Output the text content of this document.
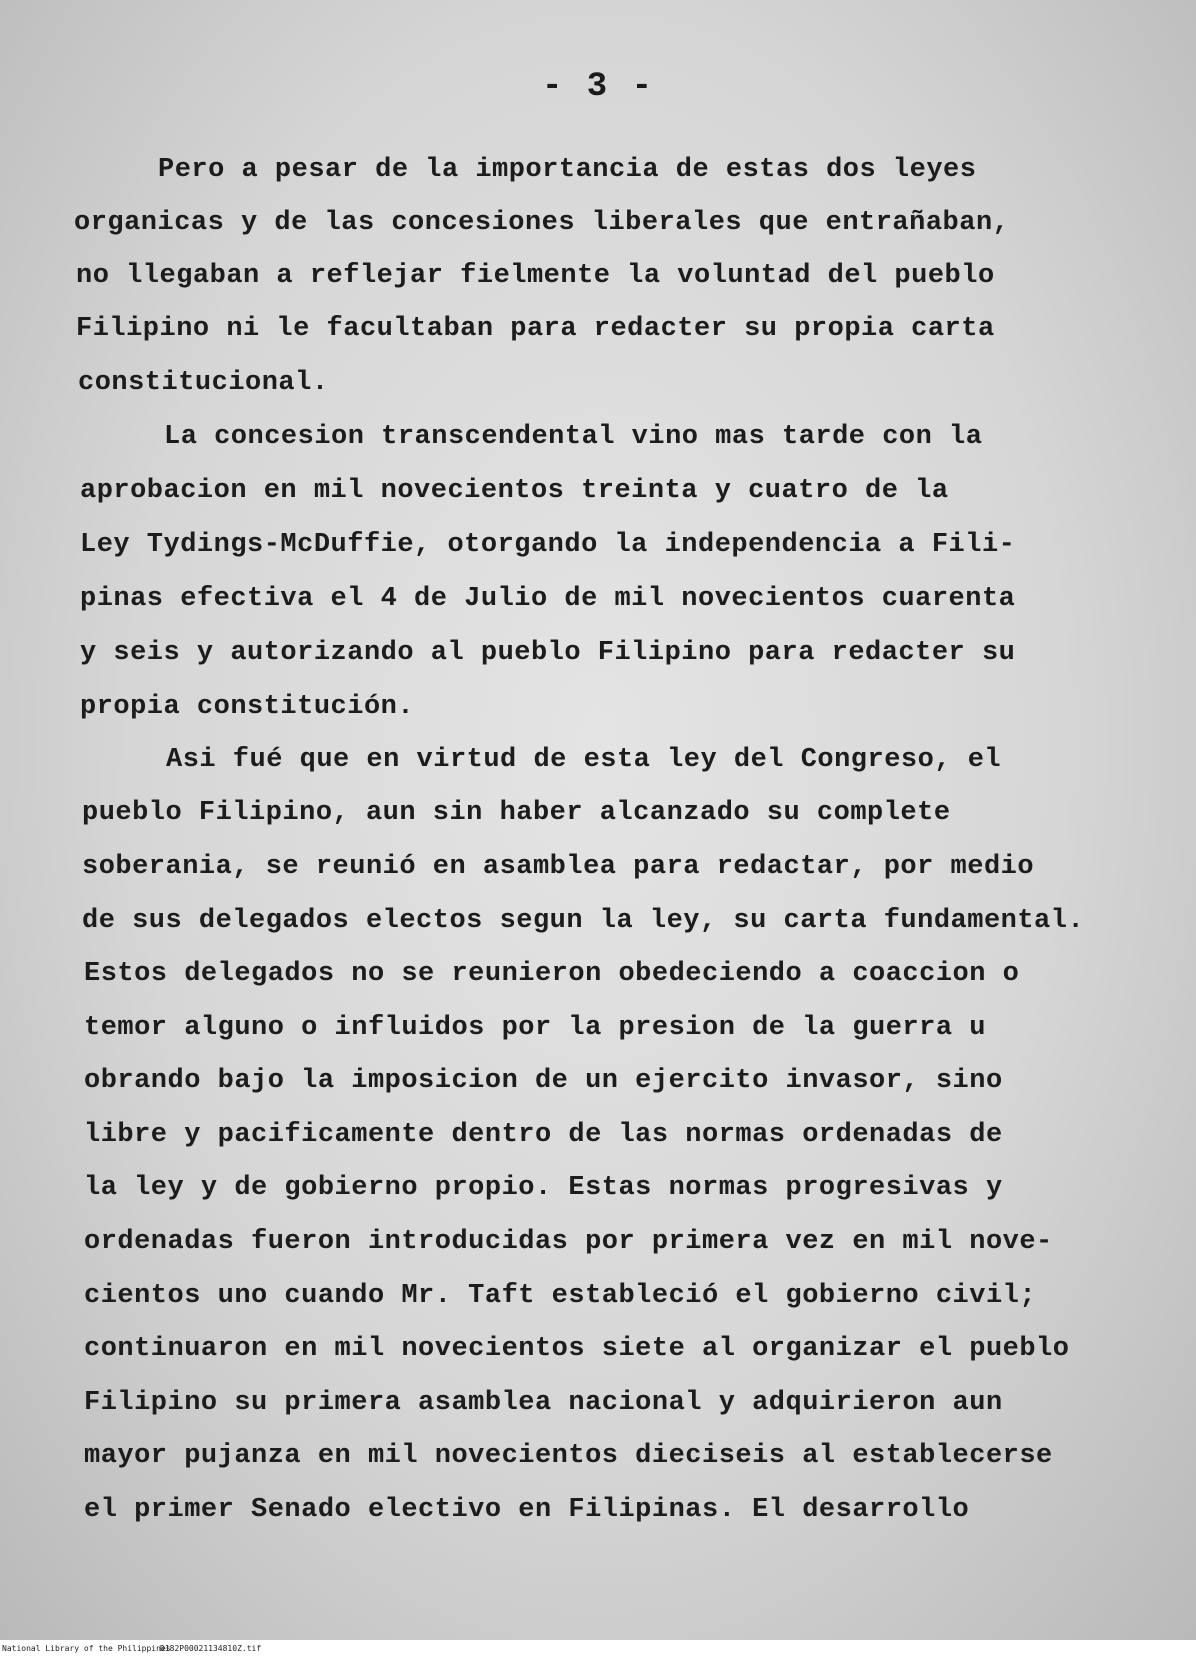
- 3 -
Pero a pesar de la importancia de estas dos leyes
organicas y de las concesiones liberales que entrañaban,
no llegaban a reflejar fielmente la voluntad del pueblo
Filipino ni le facultaban para redacter su propia carta
constitucional.
La concesion transcendental vino mas tarde con la
aprobacion en mil novecientos treinta y cuatro de la
Ley Tydings-McDuffie, otorgando la independencia a Fili-
pinas efectiva el 4 de Julio de mil novecientos cuarenta
y seis y autorizando al pueblo Filipino para redacter su
propia constitución.
Asi fué que en virtud de esta ley del Congreso, el
pueblo Filipino, aun sin haber alcanzado su complete
soberania, se reunió en asamblea para redactar, por medio
de sus delegados electos segun la ley, su carta fundamental.
Estos delegados no se reunieron obedeciendo a coaccion o
temor alguno o influidos por la presion de la guerra u
obrando bajo la imposicion de un ejercito invasor, sino
libre y pacificamente dentro de las normas ordenadas de
la ley y de gobierno propio. Estas normas progresivas y
ordenadas fueron introducidas por primera vez en mil nove-
cientos uno cuando Mr. Taft estableció el gobierno civil;
continuaron en mil novecientos siete al organizar el pueblo
Filipino su primera asamblea nacional y adquirieron aun
mayor pujanza en mil novecientos dieciseis al establecerse
el primer Senado electivo en Filipinas. El desarrollo
National Library of the Philippines
D182P00021134810Z.tif
